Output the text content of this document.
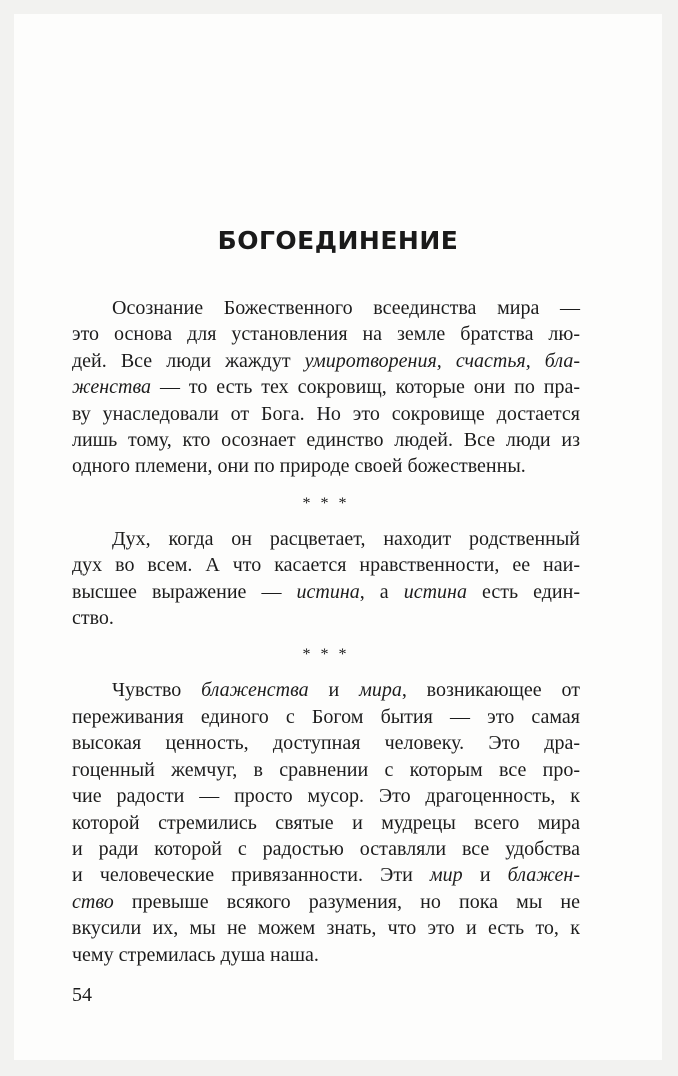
БОГОЕДИНЕНИЕ
Осознание Божественного всеединства мира —
это основа для установления на земле братства лю-
дей. Все люди жаждут умиротворения, счастья, бла-
женства — то есть тех сокровищ, которые они по пра-
ву унаследовали от Бога. Но это сокровище достается
лишь тому, кто осознает единство людей. Все люди из
одного племени, они по природе своей божественны.
* * *
Дух, когда он расцветает, находит родственный
дух во всем. А что касается нравственности, ее наи-
высшее выражение — истина, а истина есть един-
ство.
* * *
Чувство блаженства и мира, возникающее от
переживания единого с Богом бытия — это самая
высокая ценность, доступная человеку. Это дра-
гоценный жемчуг, в сравнении с которым все про-
чие радости — просто мусор. Это драгоценность, к
которой стремились святые и мудрецы всего мира
и ради которой с радостью оставляли все удобства
и человеческие привязанности. Эти мир и блажен-
ство превыше всякого разумения, но пока мы не
вкусили их, мы не можем знать, что это и есть то, к
чему стремилась душа наша.
54
